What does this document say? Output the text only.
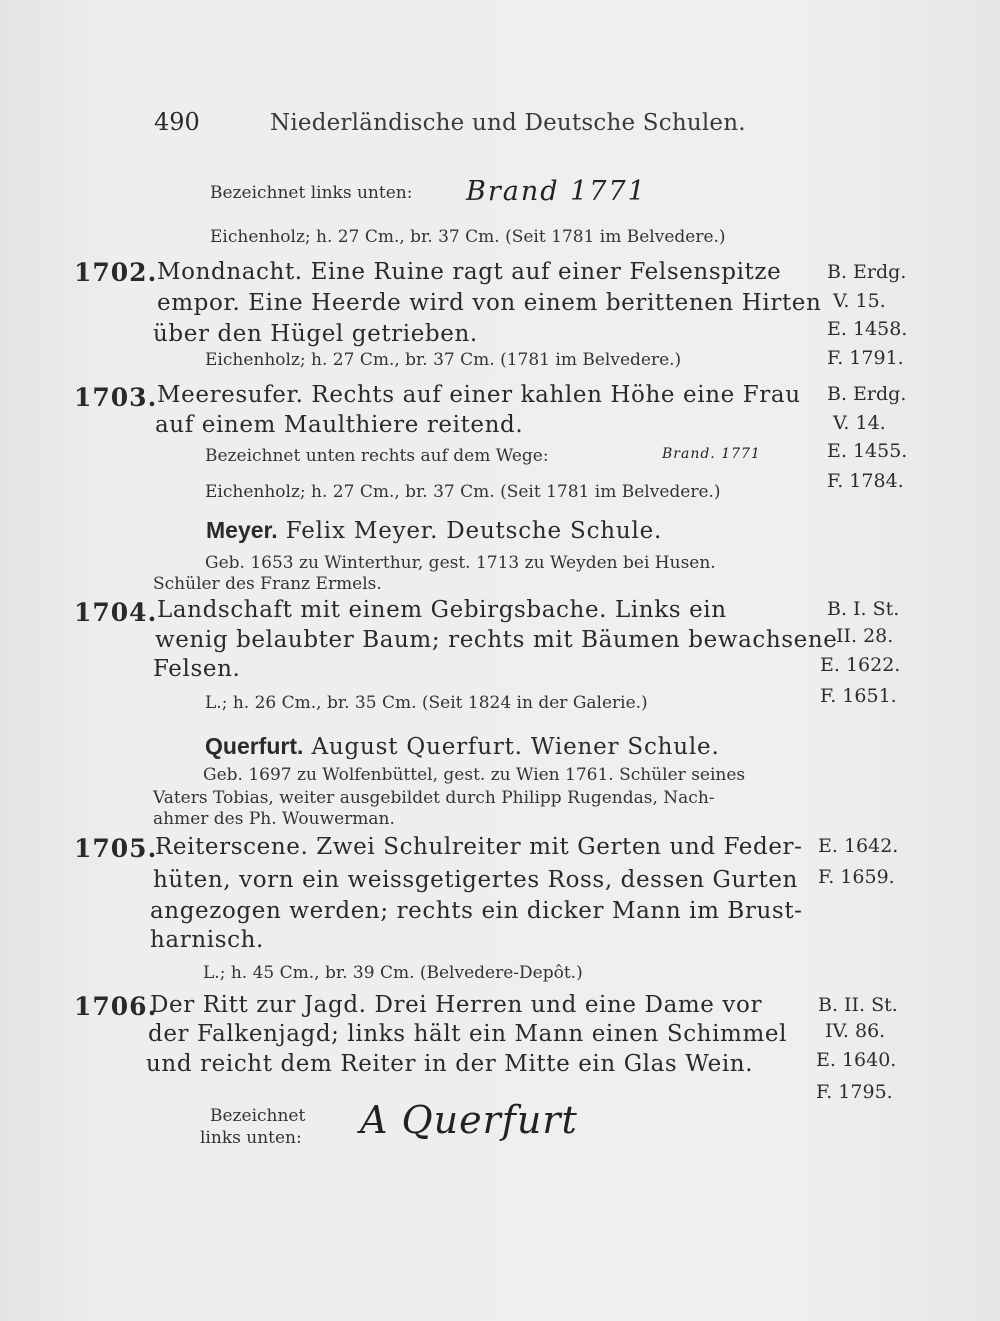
490	Niederländische und Deutsche Schulen.
Bezeichnet links unten: Brand 1771
Eichenholz; h. 27 Cm., br. 37 Cm. (Seit 1781 im Belvedere.)
1702. Mondnacht. Eine Ruine ragt auf einer Felsenspitze
empor. Eine Heerde wird von einem berittenen Hirten
über den Hügel getrieben.
Eichenholz; h. 27 Cm., br. 37 Cm. (1781 im Belvedere.)
B. Erdg.
V. 15.
E. 1458.
F. 1791.
1703. Meeresufer. Rechts auf einer kahlen Höhe eine Frau
auf einem Maulthiere reitend.
Bezeichnet unten rechts auf dem Wege:	Brand. 1771
Eichenholz; h. 27 Cm., br. 37 Cm. (Seit 1781 im Belvedere.)
B. Erdg.
V. 14.
E. 1455.
F. 1784.
Meyer. Felix Meyer. Deutsche Schule.
Geb. 1653 zu Winterthur, gest. 1713 zu Weyden bei Husen.
Schüler des Franz Ermels.
1704. Landschaft mit einem Gebirgsbache. Links ein
wenig belaubter Baum; rechts mit Bäumen bewachsene
Felsen.
L.; h. 26 Cm., br. 35 Cm. (Seit 1824 in der Galerie.)
B. I. St.
II. 28.
E. 1622.
F. 1651.
Querfurt. August Querfurt. Wiener Schule.
Geb. 1697 zu Wolfenbüttel, gest. zu Wien 1761. Schüler seines
Vaters Tobias, weiter ausgebildet durch Philipp Rugendas, Nach-
ahmer des Ph. Wouwerman.
1705.
Reiterscene. Zwei Schulreiter mit Gerten und Feder-
hüten, vorn ein weissgetigertes Ross, dessen Gurten
angezogen werden; rechts ein dicker Mann im Brust-
harnisch.
L.; h. 45 Cm., br. 39 Cm. (Belvedere-Depôt.)
E. 1642.
F. 1659.
1706.
Der Ritt zur Jagd. Drei Herren und eine Dame vor
der Falkenjagd; links hält ein Mann einen Schimmel
und reicht dem Reiter in der Mitte ein Glas Wein.
Bezeichnet
links unten: A Querfurt
B. II. St.
IV. 86.
E. 1640.
F. 1795.
